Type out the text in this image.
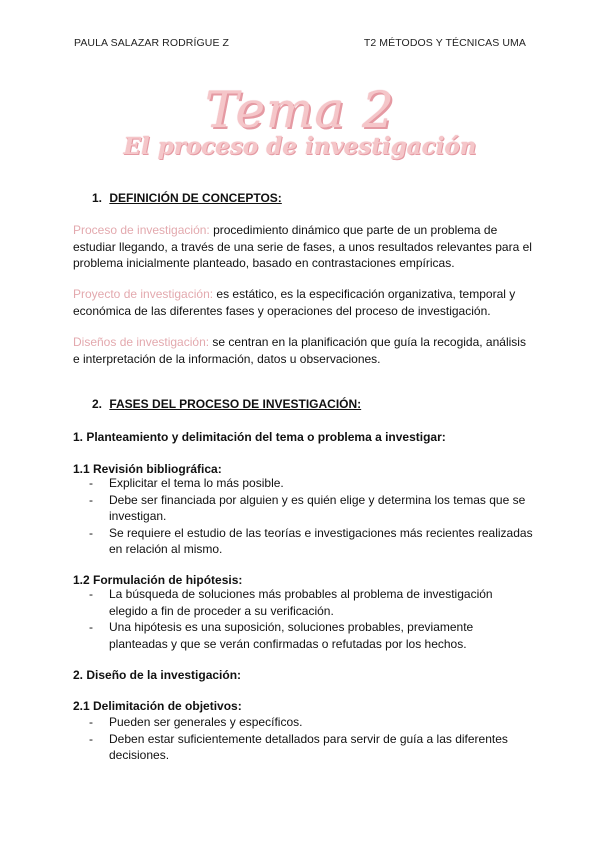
PAULA SALAZAR RODRÍGUE Z	T2 MÉTODOS Y TÉCNICAS UMA
Tema 2
El proceso de investigación
1. DEFINICIÓN DE CONCEPTOS:
Proceso de investigación: procedimiento dinámico que parte de un problema de estudiar llegando, a través de una serie de fases, a unos resultados relevantes para el problema inicialmente planteado, basado en contrastaciones empíricas.
Proyecto de investigación: es estático, es la especificación organizativa, temporal y económica de las diferentes fases y operaciones del proceso de investigación.
Diseños de investigación: se centran en la planificación que guía la recogida, análisis e interpretación de la información, datos u observaciones.
2. FASES DEL PROCESO DE INVESTIGACIÓN:
1. Planteamiento y delimitación del tema o problema a investigar:
1.1 Revisión bibliográfica:
- Explicitar el tema lo más posible.
- Debe ser financiada por alguien y es quién elige y determina los temas que se investigan.
- Se requiere el estudio de las teorías e investigaciones más recientes realizadas en relación al mismo.
1.2 Formulación de hipótesis:
- La búsqueda de soluciones más probables al problema de investigación elegido a fin de proceder a su verificación.
- Una hipótesis es una suposición, soluciones probables, previamente planteadas y que se verán confirmadas o refutadas por los hechos.
2. Diseño de la investigación:
2.1 Delimitación de objetivos:
- Pueden ser generales y específicos.
- Deben estar suficientemente detallados para servir de guía a las diferentes decisiones.
